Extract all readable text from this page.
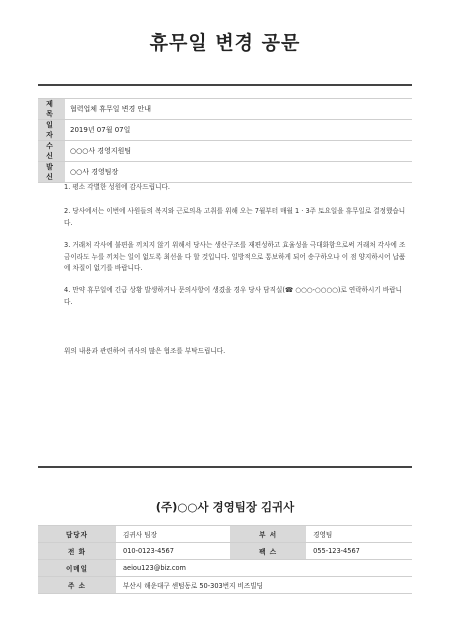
휴무일 변경 공문
제 목	협력업체 휴무일 변경 안내
일 자	2019년 07월 07일
수 신	○○○사 경영지원팀
발 신	○○사 경영팀장

1. 평소 각별한 성원에 감사드립니다.

2. 당사에서는 이번에 사원들의 복지와 근로의욕 고취를 위해 오는 7월부터 매월 1 · 3주 토요일을 휴무일로 결정했습니다.

3. 거래처 각사에 불편을 끼치지 않기 위해서 당사는 생산구조를 재편성하고 효율성을 극대화함으로써 거래처 각사에 조금이라도 누를 끼치는 일이 없도록 최선을 다 할 것입니다. 일방적으로 통보하게 되어 송구하오나 이 점 양지하시어 납품에 차질이 없기를 바랍니다.

4. 만약 휴무일에 긴급 상황 발생하거나 문의사항이 생겼을 경우 당사 담직실(☎ ○○○-○○○○)로 연락하시기 바랍니다.

위의 내용과 관련하여 귀사의 많은 협조를 부탁드립니다.

(주)○○사 경영팀장 김귀사
담당자	김귀사 팀장	부 서	경영팀
전 화	010-0123-4567	팩 스	055-123-4567
이메일	aeiou123@biz.com		
주 소	부산시 해운대구 센텀동로 50-303번지 비즈빌딩		
